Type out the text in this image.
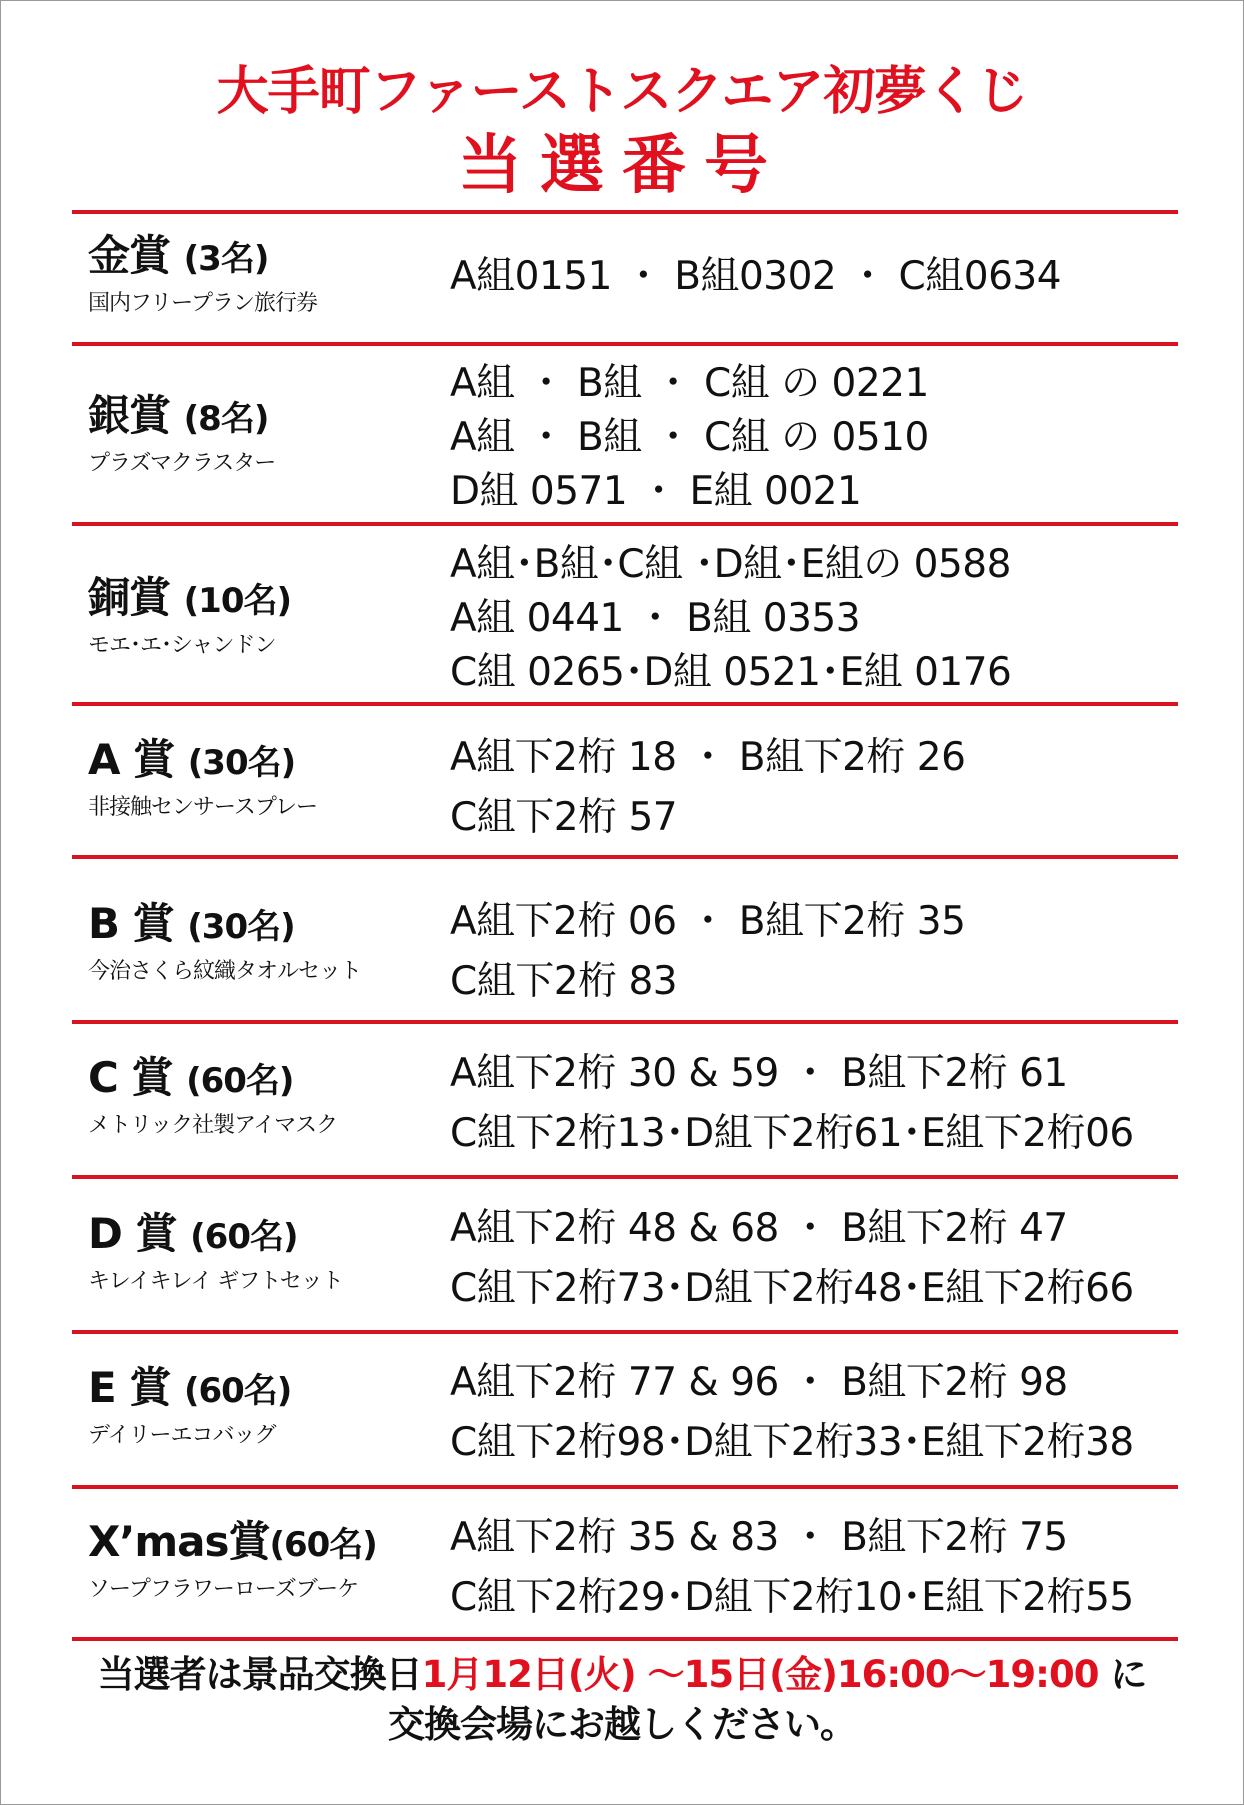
大手町ファーストスクエア初夢くじ
当選番号
金賞 (3名)
国内フリープラン旅行券
A組0151 ・ B組0302 ・ C組0634
銀賞 (8名)
プラズマクラスター
A組 ・ B組 ・ C組 の 0221
A組 ・ B組 ・ C組 の 0510
D組 0571 ・ E組 0021
銅賞 (10名)
モエ･エ･シャンドン
A組･B組･C組 ･D組･E組の 0588
A組 0441 ・ B組 0353
C組 0265･D組 0521･E組 0176
A 賞 (30名)
非接触センサースプレー
A組下2桁 18 ・ B組下2桁 26
C組下2桁 57
B 賞 (30名)
今治さくら紋織タオルセット
A組下2桁 06 ・ B組下2桁 35
C組下2桁 83
C 賞 (60名)
メトリック社製アイマスク
A組下2桁 30 & 59 ・ B組下2桁 61
C組下2桁13･D組下2桁61･E組下2桁06
D 賞 (60名)
キレイキレイ ギフトセット
A組下2桁 48 & 68 ・ B組下2桁 47
C組下2桁73･D組下2桁48･E組下2桁66
E 賞 (60名)
デイリーエコバッグ
A組下2桁 77 & 96 ・ B組下2桁 98
C組下2桁98･D組下2桁33･E組下2桁38
X’mas賞(60名)
ソープフラワーローズブーケ
A組下2桁 35 & 83 ・ B組下2桁 75
C組下2桁29･D組下2桁10･E組下2桁55
当選者は景品交換日1月12日(火) ～15日(金)16:00～19:00 に
交換会場にお越しください。
